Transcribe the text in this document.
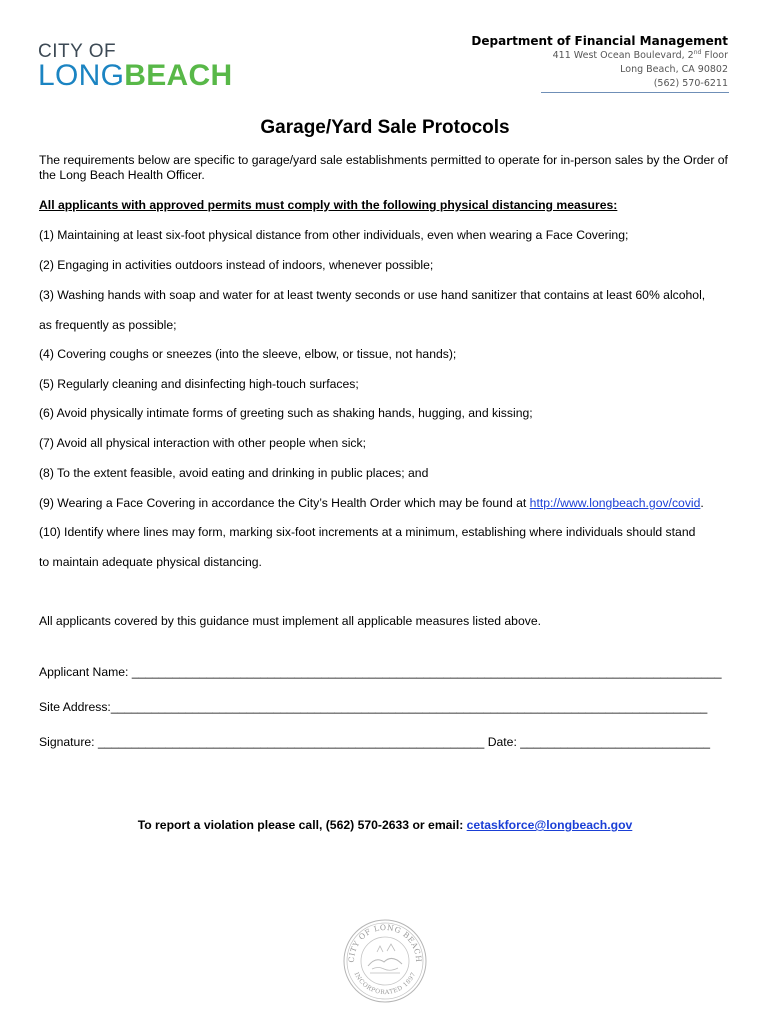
CITY OF
LONGBEACH
Department of Financial Management
411 West Ocean Boulevard, 2nd Floor
Long Beach, CA 90802
(562) 570-6211
Garage/Yard Sale Protocols
The requirements below are specific to garage/yard sale establishments permitted to operate for in-person sales by the Order of the Long Beach Health Officer.
All applicants with approved permits must comply with the following physical distancing measures:
(1) Maintaining at least six-foot physical distance from other individuals, even when wearing a Face Covering;
(2) Engaging in activities outdoors instead of indoors, whenever possible;
(3) Washing hands with soap and water for at least twenty seconds or use hand sanitizer that contains at least 60% alcohol,
as frequently as possible;
(4) Covering coughs or sneezes (into the sleeve, elbow, or tissue, not hands);
(5) Regularly cleaning and disinfecting high-touch surfaces;
(6) Avoid physically intimate forms of greeting such as shaking hands, hugging, and kissing;
(7) Avoid all physical interaction with other people when sick;
(8) To the extent feasible, avoid eating and drinking in public places; and
(9) Wearing a Face Covering in accordance the City’s Health Order which may be found at http://www.longbeach.gov/covid.
(10) Identify where lines may form, marking six-foot increments at a minimum, establishing where individuals should stand
to maintain adequate physical distancing.
All applicants covered by this guidance must implement all applicable measures listed above.
Applicant Name: _______________________________________________________________________________________
Site Address:________________________________________________________________________________________
Signature: _________________________________________________________ Date: ____________________________
To report a violation please call, (562) 570-2633 or email: cetaskforce@longbeach.gov
CITY OF LONG BEACH
INCORPORATED 1897
